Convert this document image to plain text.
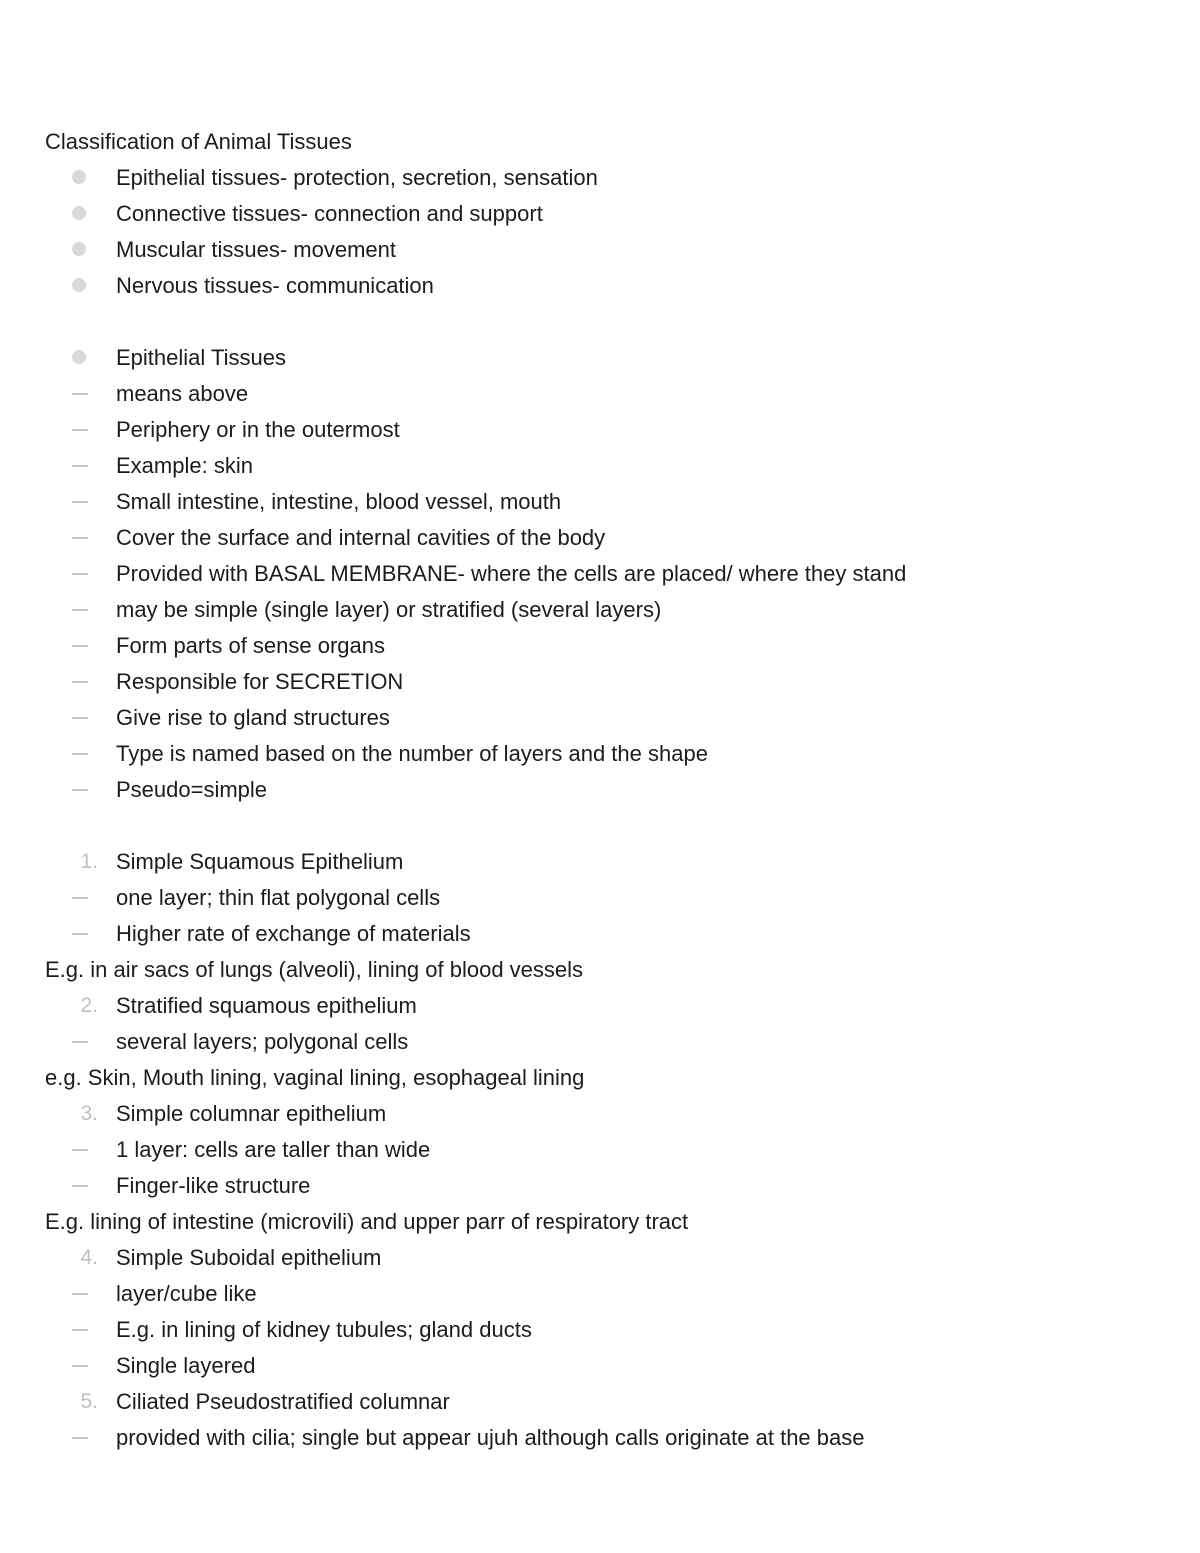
Classification of Animal Tissues
Epithelial tissues- protection, secretion, sensation
Connective tissues- connection and support
Muscular tissues- movement
Nervous tissues- communication
Epithelial Tissues
means above
Periphery or in the outermost
Example: skin
Small intestine, intestine, blood vessel, mouth
Cover the surface and internal cavities of the body
Provided with BASAL MEMBRANE- where the cells are placed/ where they stand
may be simple (single layer) or stratified (several layers)
Form parts of sense organs
Responsible for SECRETION
Give rise to gland structures
Type is named based on the number of layers and the shape
Pseudo=simple
1. Simple Squamous Epithelium
one layer; thin flat polygonal cells
Higher rate of exchange of materials
E.g. in air sacs of lungs (alveoli), lining of blood vessels
2. Stratified squamous epithelium
several layers; polygonal cells
e.g. Skin, Mouth lining, vaginal lining, esophageal lining
3. Simple columnar epithelium
1 layer: cells are taller than wide
Finger-like structure
E.g. lining of intestine (microvili) and upper parr of respiratory tract
4. Simple Suboidal epithelium
layer/cube like
E.g. in lining of kidney tubules; gland ducts
Single layered
5. Ciliated Pseudostratified columnar
provided with cilia; single but appear ujuh although calls originate at the base
